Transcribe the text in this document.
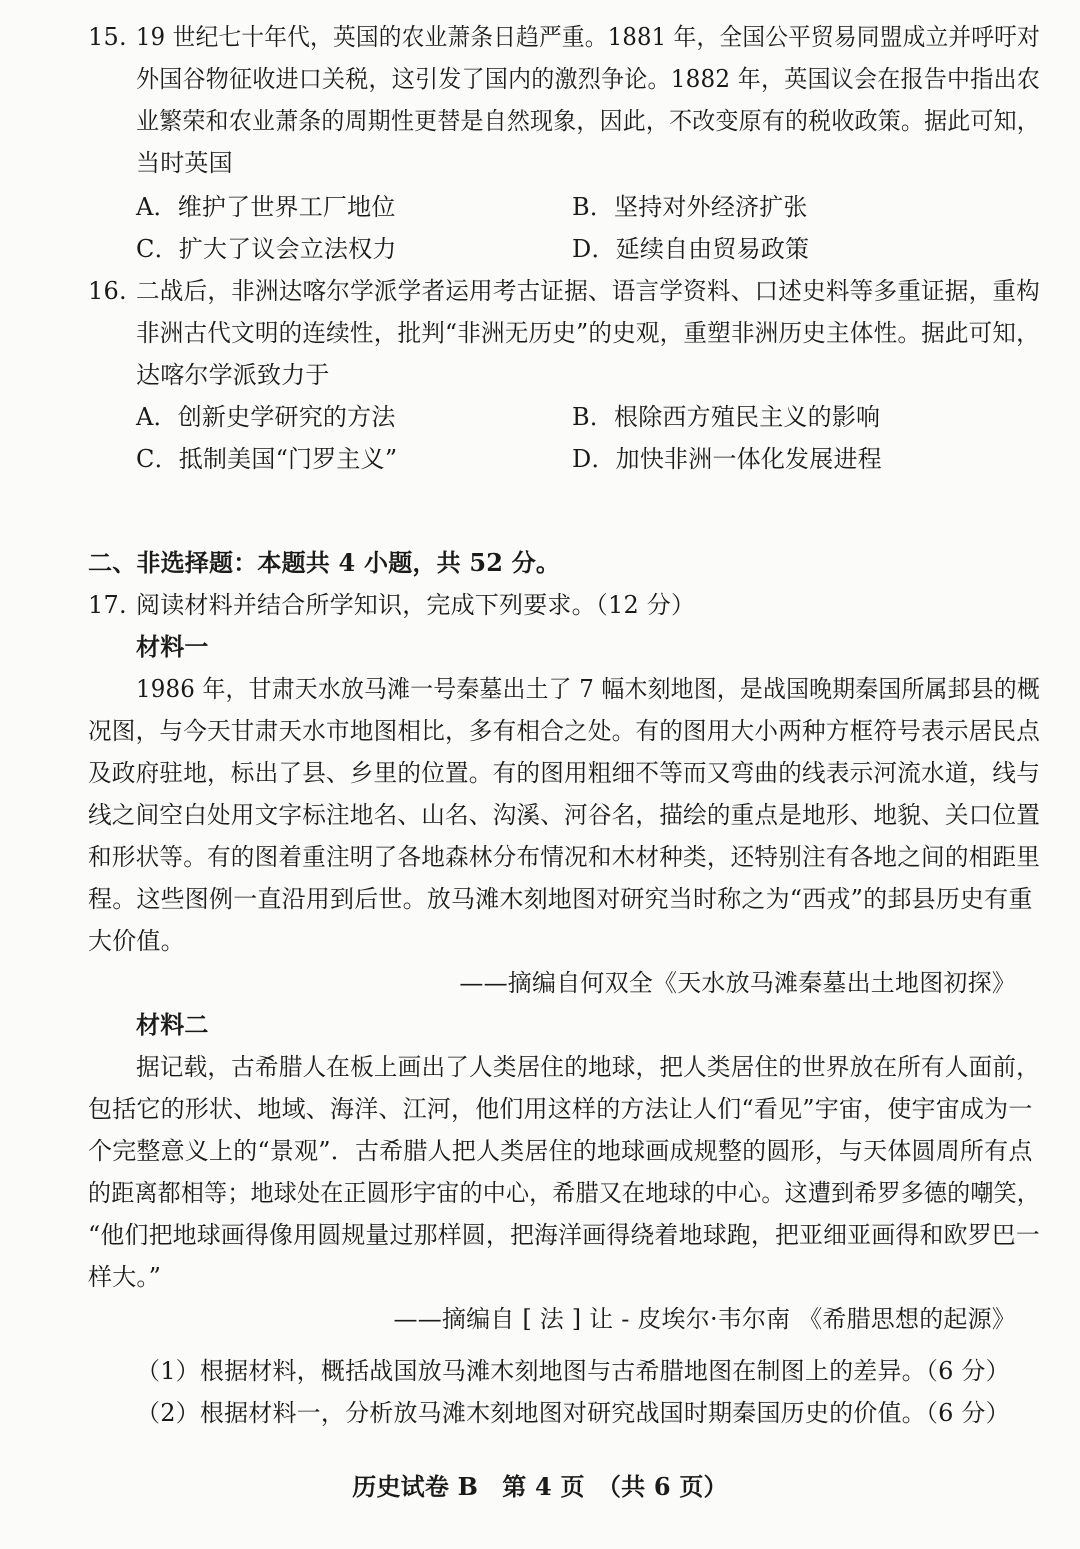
15. 19 世纪七十年代，英国的农业萧条日趋严重。1881 年，全国公平贸易同盟成立并呼吁对
外国谷物征收进口关税，这引发了国内的激烈争论。1882 年，英国议会在报告中指出农
业繁荣和农业萧条的周期性更替是自然现象，因此，不改变原有的税收政策。据此可知，
当时英国
A．维护了世界工厂地位	B．坚持对外经济扩张
C．扩大了议会立法权力	D．延续自由贸易政策
16. 二战后，非洲达喀尔学派学者运用考古证据、语言学资料、口述史料等多重证据，重构
非洲古代文明的连续性，批判“非洲无历史”的史观，重塑非洲历史主体性。据此可知，
达喀尔学派致力于
A．创新史学研究的方法	B．根除西方殖民主义的影响
C．抵制美国“门罗主义”	D．加快非洲一体化发展进程
二、非选择题：本题共 4 小题，共 52 分。
17. 阅读材料并结合所学知识，完成下列要求。（12 分）
材料一
1986 年，甘肃天水放马滩一号秦墓出土了 7 幅木刻地图，是战国晚期秦国所属邽县的概
况图，与今天甘肃天水市地图相比，多有相合之处。有的图用大小两种方框符号表示居民点
及政府驻地，标出了县、乡里的位置。有的图用粗细不等而又弯曲的线表示河流水道，线与
线之间空白处用文字标注地名、山名、沟溪、河谷名，描绘的重点是地形、地貌、关口位置
和形状等。有的图着重注明了各地森林分布情况和木材种类，还特别注有各地之间的相距里
程。这些图例一直沿用到后世。放马滩木刻地图对研究当时称之为“西戎”的邽县历史有重
大价值。
——摘编自何双全《天水放马滩秦墓出土地图初探》
材料二
据记载，古希腊人在板上画出了人类居住的地球，把人类居住的世界放在所有人面前，
包括它的形状、地域、海洋、江河，他们用这样的方法让人们“看见”宇宙，使宇宙成为一
个完整意义上的“景观”．古希腊人把人类居住的地球画成规整的圆形，与天体圆周所有点
的距离都相等；地球处在正圆形宇宙的中心，希腊又在地球的中心。这遭到希罗多德的嘲笑，
“他们把地球画得像用圆规量过那样圆，把海洋画得绕着地球跑，把亚细亚画得和欧罗巴一
样大。”
——摘编自 [ 法 ] 让 - 皮埃尔·韦尔南 《希腊思想的起源》
（1）根据材料，概括战国放马滩木刻地图与古希腊地图在制图上的差异。（6 分）
（2）根据材料一，分析放马滩木刻地图对研究战国时期秦国历史的价值。（6 分）
历史试卷 B　第 4 页　（共 6 页）
